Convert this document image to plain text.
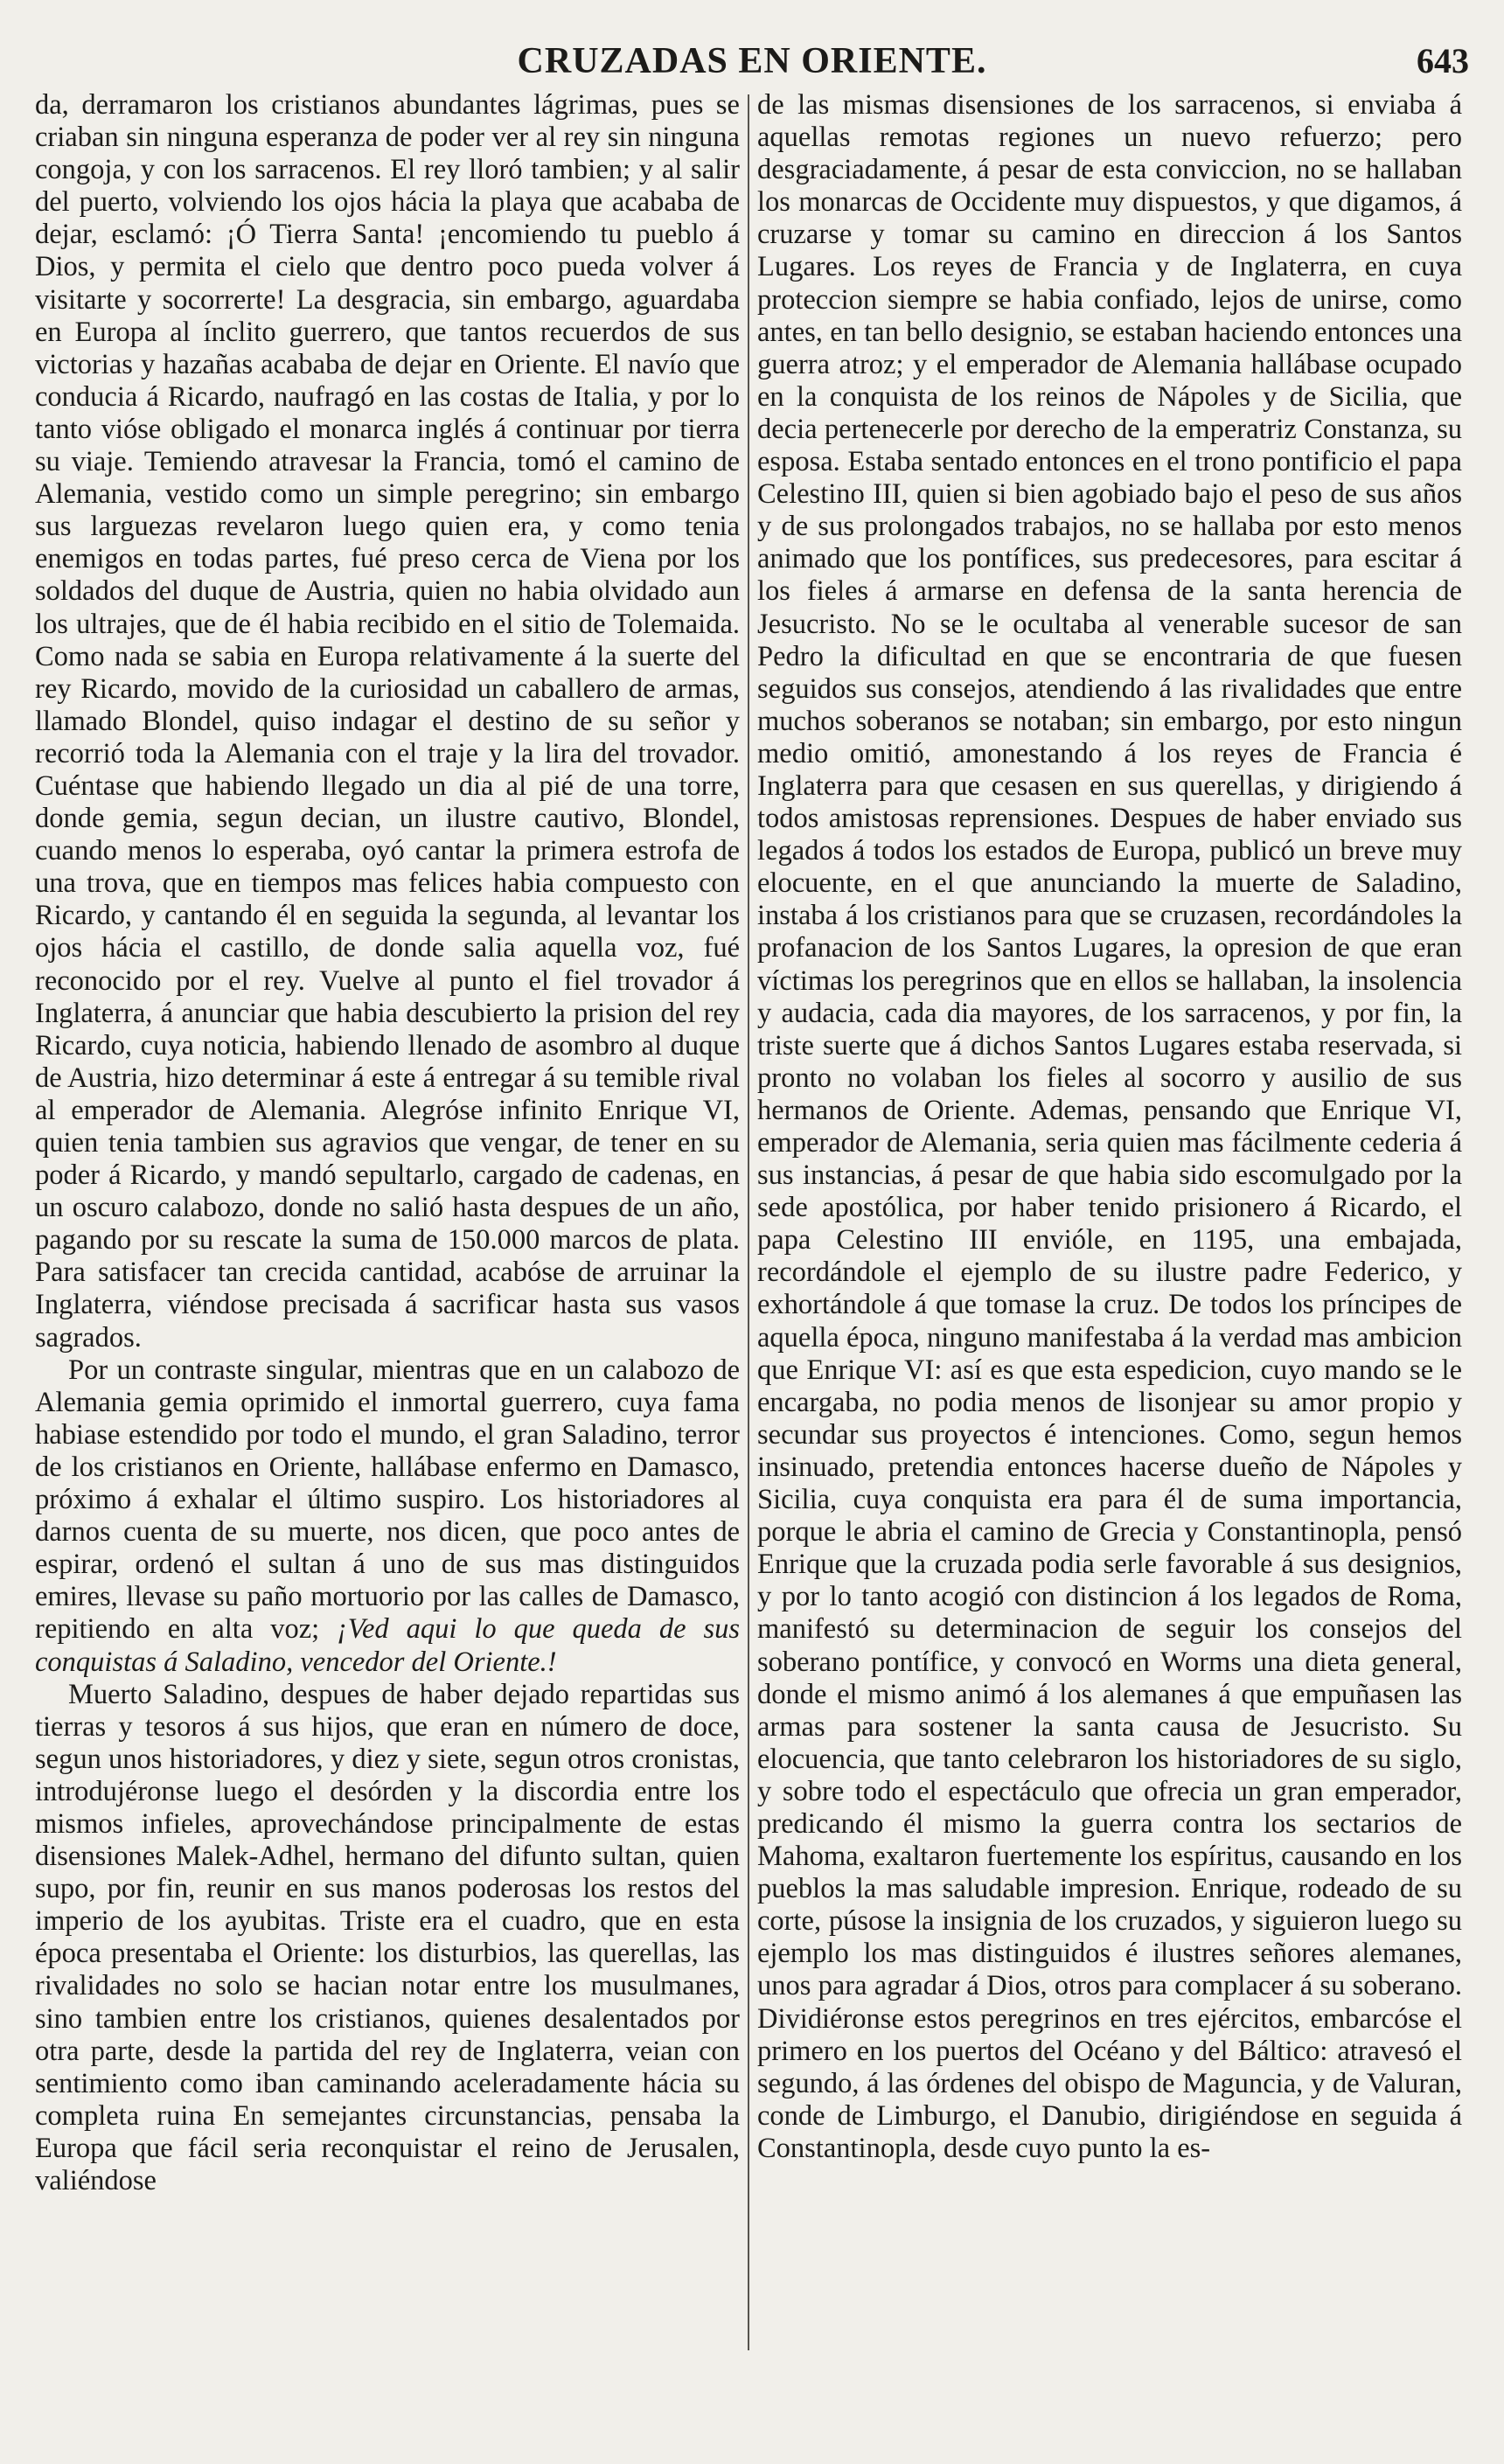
CRUZADAS EN ORIENTE.	643

da, derramaron los cristianos abundantes lágrimas, pues se criaban sin ninguna esperanza de poder ver al rey sin ninguna congoja, y con los sarracenos. El rey lloró tambien; y al salir del puerto, volviendo los ojos hácia la playa que acababa de dejar, esclamó: ¡Ó Tierra Santa! ¡encomiendo tu pueblo á Dios, y permita el cielo que dentro poco pueda volver á visitarte y socorrerte! La desgracia, sin embargo, aguardaba en Europa al ínclito guerrero, que tantos recuerdos de sus victorias y hazañas acababa de dejar en Oriente. El navío que conducia á Ricardo, naufragó en las costas de Italia, y por lo tanto vióse obligado el monarca inglés á continuar por tierra su viaje. Temiendo atravesar la Francia, tomó el camino de Alemania, vestido como un simple peregrino; sin embargo sus larguezas revelaron luego quien era, y como tenia enemigos en todas partes, fué preso cerca de Viena por los soldados del duque de Austria, quien no habia olvidado aun los ultrajes, que de él habia recibido en el sitio de Tolemaida. Como nada se sabia en Europa relativamente á la suerte del rey Ricardo, movido de la curiosidad un caballero de armas, llamado Blondel, quiso indagar el destino de su señor y recorrió toda la Alemania con el traje y la lira del trovador. Cuéntase que habiendo llegado un dia al pié de una torre, donde gemia, segun decian, un ilustre cautivo, Blondel, cuando menos lo esperaba, oyó cantar la primera estrofa de una trova, que en tiempos mas felices habia compuesto con Ricardo, y cantando él en seguida la segunda, al levantar los ojos hácia el castillo, de donde salia aquella voz, fué reconocido por el rey. Vuelve al punto el fiel trovador á Inglaterra, á anunciar que habia descubierto la prision del rey Ricardo, cuya noticia, habiendo llenado de asombro al duque de Austria, hizo determinar á este á entregar á su temible rival al emperador de Alemania. Alegróse infinito Enrique VI, quien tenia tambien sus agravios que vengar, de tener en su poder á Ricardo, y mandó sepultarlo, cargado de cadenas, en un oscuro calabozo, donde no salió hasta despues de un año, pagando por su rescate la suma de 150.000 marcos de plata. Para satisfacer tan crecida cantidad, acabóse de arruinar la Inglaterra, viéndose precisada á sacrificar hasta sus vasos sagrados.

Por un contraste singular, mientras que en un calabozo de Alemania gemia oprimido el inmortal guerrero, cuya fama habiase estendido por todo el mundo, el gran Saladino, terror de los cristianos en Oriente, hallábase enfermo en Damasco, próximo á exhalar el último suspiro. Los historiadores al darnos cuenta de su muerte, nos dicen, que poco antes de espirar, ordenó el sultan á uno de sus mas distinguidos emires, llevase su paño mortuorio por las calles de Damasco, repitiendo en alta voz; ¡Ved aqui lo que queda de sus conquistas á Saladino, vencedor del Oriente.!

Muerto Saladino, despues de haber dejado repartidas sus tierras y tesoros á sus hijos, que eran en número de doce, segun unos historiadores, y diez y siete, segun otros cronistas, introdujéronse luego el desórden y la discordia entre los mismos infieles, aprovechándose principalmente de estas disensiones Malek-Adhel, hermano del difunto sultan, quien supo, por fin, reunir en sus manos poderosas los restos del imperio de los ayubitas. Triste era el cuadro, que en esta época presentaba el Oriente: los disturbios, las querellas, las rivalidades no solo se hacian notar entre los musulmanes, sino tambien entre los cristianos, quienes desalentados por otra parte, desde la partida del rey de Inglaterra, veian con sentimiento como iban caminando aceleradamente hácia su completa ruina En semejantes circunstancias, pensaba la Europa que fácil seria reconquistar el reino de Jerusalen, valiéndose

de las mismas disensiones de los sarracenos, si enviaba á aquellas remotas regiones un nuevo refuerzo; pero desgraciadamente, á pesar de esta conviccion, no se hallaban los monarcas de Occidente muy dispuestos, y que digamos, á cruzarse y tomar su camino en direccion á los Santos Lugares. Los reyes de Francia y de Inglaterra, en cuya proteccion siempre se habia confiado, lejos de unirse, como antes, en tan bello designio, se estaban haciendo entonces una guerra atroz; y el emperador de Alemania hallábase ocupado en la conquista de los reinos de Nápoles y de Sicilia, que decia pertenecerle por derecho de la emperatriz Constanza, su esposa. Estaba sentado entonces en el trono pontificio el papa Celestino III, quien si bien agobiado bajo el peso de sus años y de sus prolongados trabajos, no se hallaba por esto menos animado que los pontífices, sus predecesores, para escitar á los fieles á armarse en defensa de la santa herencia de Jesucristo. No se le ocultaba al venerable sucesor de san Pedro la dificultad en que se encontraria de que fuesen seguidos sus consejos, atendiendo á las rivalidades que entre muchos soberanos se notaban; sin embargo, por esto ningun medio omitió, amonestando á los reyes de Francia é Inglaterra para que cesasen en sus querellas, y dirigiendo á todos amistosas reprensiones. Despues de haber enviado sus legados á todos los estados de Europa, publicó un breve muy elocuente, en el que anunciando la muerte de Saladino, instaba á los cristianos para que se cruzasen, recordándoles la profanacion de los Santos Lugares, la opresion de que eran víctimas los peregrinos que en ellos se hallaban, la insolencia y audacia, cada dia mayores, de los sarracenos, y por fin, la triste suerte que á dichos Santos Lugares estaba reservada, si pronto no volaban los fieles al socorro y ausilio de sus hermanos de Oriente. Ademas, pensando que Enrique VI, emperador de Alemania, seria quien mas fácilmente cederia á sus instancias, á pesar de que habia sido escomulgado por la sede apostólica, por haber tenido prisionero á Ricardo, el papa Celestino III envióle, en 1195, una embajada, recordándole el ejemplo de su ilustre padre Federico, y exhortándole á que tomase la cruz. De todos los príncipes de aquella época, ninguno manifestaba á la verdad mas ambicion que Enrique VI: así es que esta espedicion, cuyo mando se le encargaba, no podia menos de lisonjear su amor propio y secundar sus proyectos é intenciones. Como, segun hemos insinuado, pretendia entonces hacerse dueño de Nápoles y Sicilia, cuya conquista era para él de suma importancia, porque le abria el camino de Grecia y Constantinopla, pensó Enrique que la cruzada podia serle favorable á sus designios, y por lo tanto acogió con distincion á los legados de Roma, manifestó su determinacion de seguir los consejos del soberano pontífice, y convocó en Worms una dieta general, donde el mismo animó á los alemanes á que empuñasen las armas para sostener la santa causa de Jesucristo. Su elocuencia, que tanto celebraron los historiadores de su siglo, y sobre todo el espectáculo que ofrecia un gran emperador, predicando él mismo la guerra contra los sectarios de Mahoma, exaltaron fuertemente los espíritus, causando en los pueblos la mas saludable impresion. Enrique, rodeado de su corte, púsose la insignia de los cruzados, y siguieron luego su ejemplo los mas distinguidos é ilustres señores alemanes, unos para agradar á Dios, otros para complacer á su soberano. Dividiéronse estos peregrinos en tres ejércitos, embarcóse el primero en los puertos del Océano y del Báltico: atravesó el segundo, á las órdenes del obispo de Maguncia, y de Valuran, conde de Limburgo, el Danubio, dirigiéndose en seguida á Constantinopla, desde cuyo punto la es-
